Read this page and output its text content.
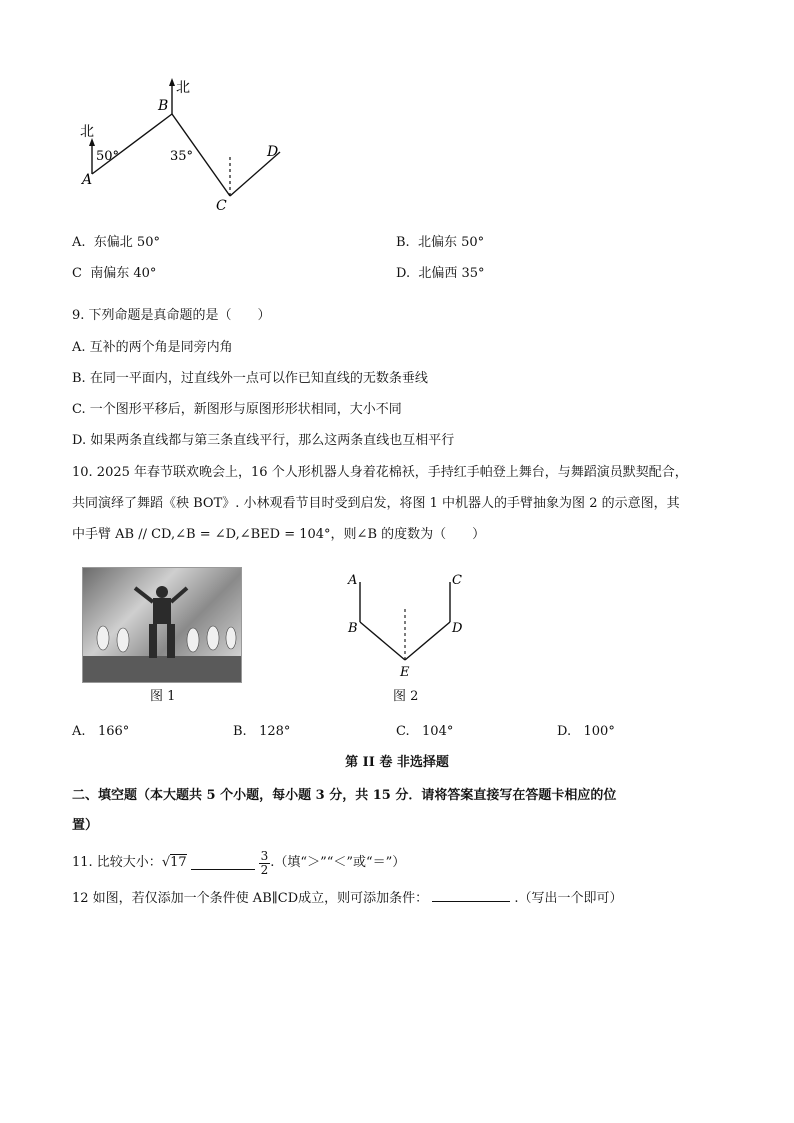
北
北
B
A
C
D
50°	35°
A. 东偏北 50°	B. 北偏东 50°
C 南偏东 40°	D. 北偏西 35°
9. 下列命题是真命题的是（　　）
A. 互补的两个角是同旁内角
B. 在同一平面内，过直线外一点可以作已知直线的无数条垂线
C. 一个图形平移后，新图形与原图形形状相同，大小不同
D. 如果两条直线都与第三条直线平行，那么这两条直线也互相平行
10. 2025 年春节联欢晚会上，16 个人形机器人身着花棉袄，手持红手帕登上舞台，与舞蹈演员默契配合，
共同演绎了舞蹈《秧 BOT》. 小林观看节目时受到启发，将图 1 中机器人的手臂抽象为图 2 的示意图，其
中手臂 AB // CD,∠B = ∠D,∠BED = 104°，则∠B 的度数为（　　）
图 1
A
B
C
D
E
图 2
A. 166°	B. 128°	C. 104°	D. 100°
第 II 卷 非选择题
二、填空题（本大题共 5 个小题，每小题 3 分，共 15 分．请将答案直接写在答题卡相应的位
置）
11. 比较大小： √17	$\frac{3}{2}$ .（填“＞”“＜”或“＝”）
12 如图，若仅添加一个条件使 AB∥CD成立，则可添加条件：	.（写出一个即可）
